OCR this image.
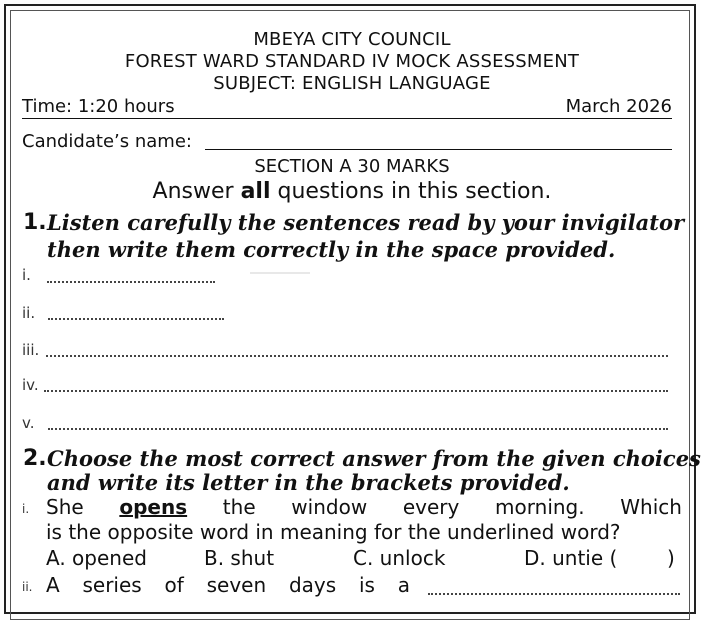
MBEYA CITY COUNCIL
FOREST WARD STANDARD IV MOCK ASSESSMENT
SUBJECT: ENGLISH LANGUAGE
Time: 1:20 hours	March 2026
Candidate’s name:
SECTION A 30 MARKS
Answer all questions in this section.
1. Listen carefully the sentences read by your invigilator
then write them correctly in the space provided.
i.
ii.
iii.
iv.
v.
2. Choose the most correct answer from the given choices
and write its letter in the brackets provided.
i. She opens the window every morning. Which
is the opposite word in meaning for the underlined word?
A. opened	B. shut	C. unlock	D. untie ( )
ii. A series of seven days is a
